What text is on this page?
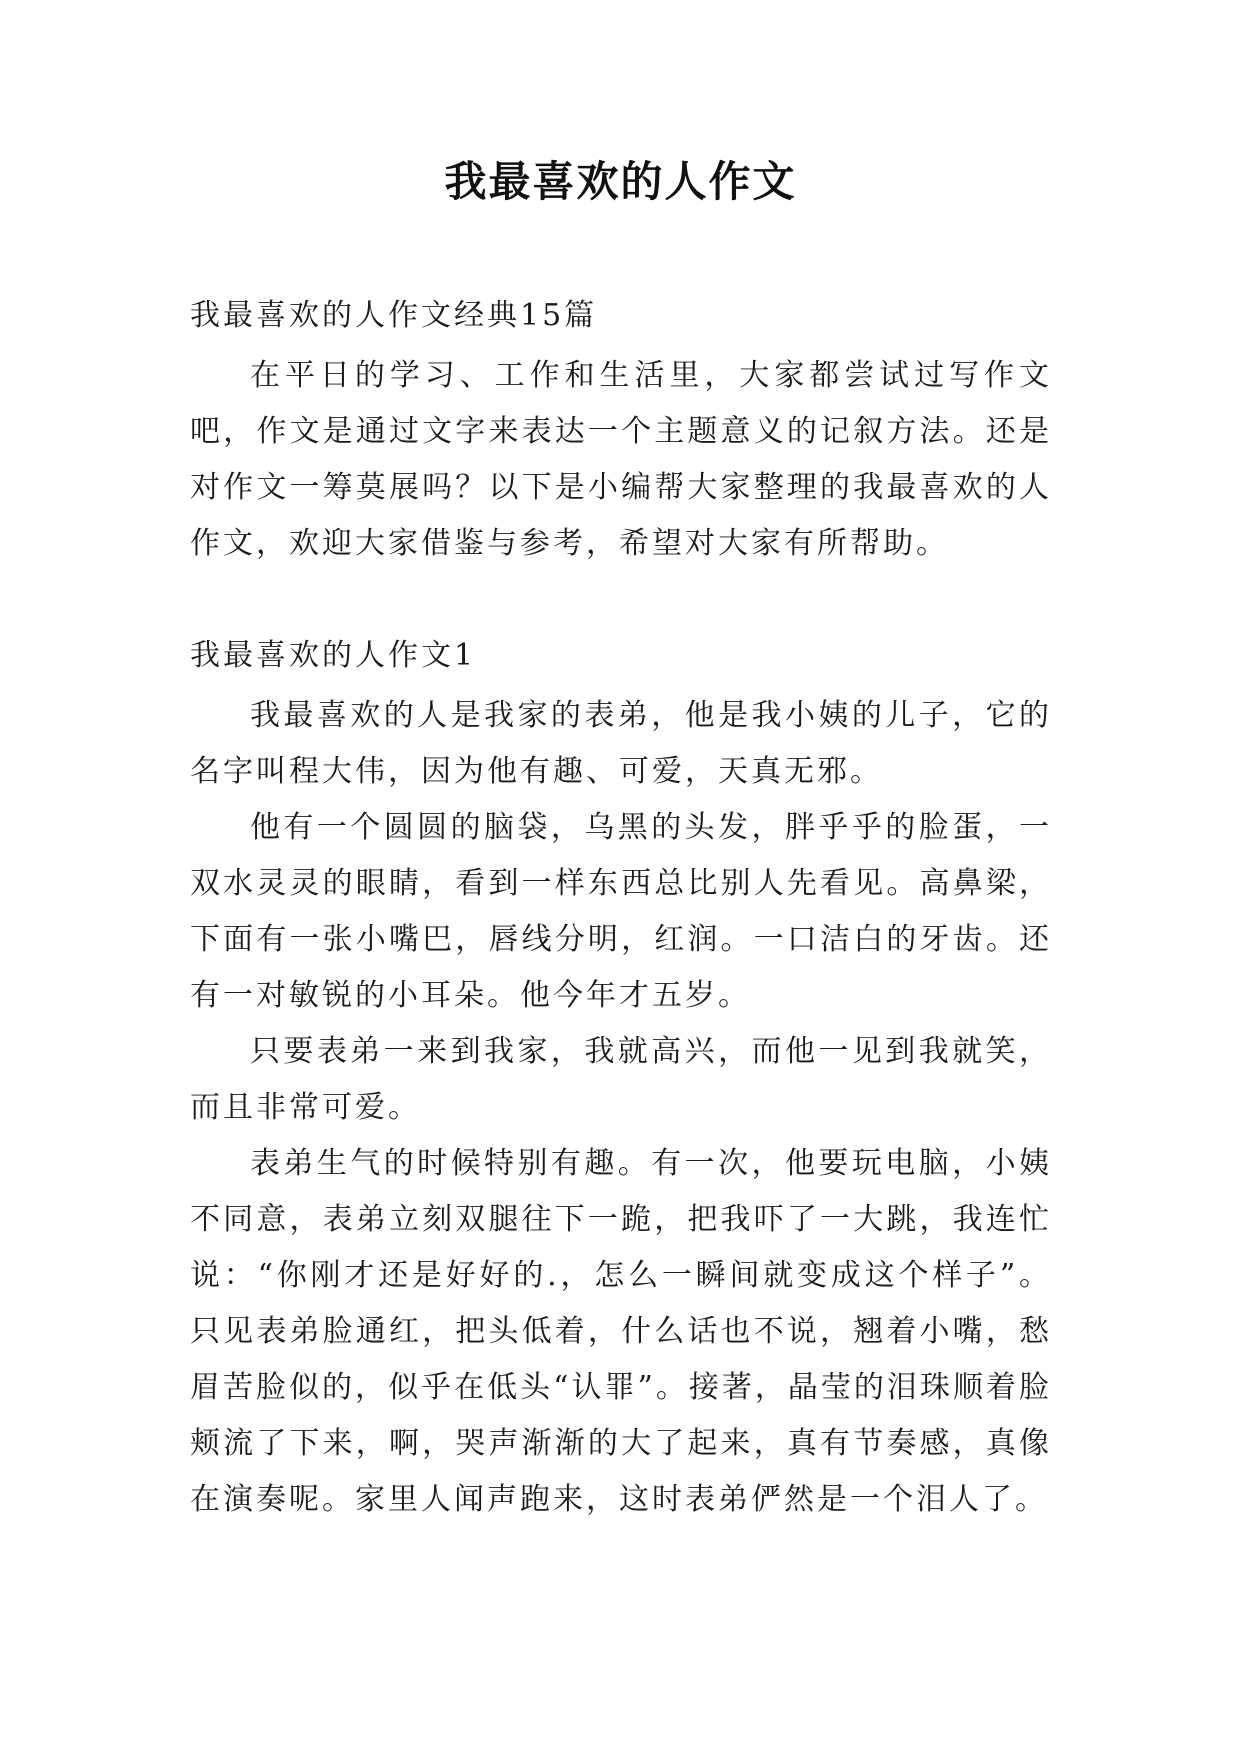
我最喜欢的人作文

我最喜欢的人作文经典15篇

在平日的学习、工作和生活里，大家都尝试过写作文吧，作文是通过文字来表达一个主题意义的记叙方法。还是对作文一筹莫展吗？以下是小编帮大家整理的我最喜欢的人作文，欢迎大家借鉴与参考，希望对大家有所帮助。

我最喜欢的人作文1

我最喜欢的人是我家的表弟，他是我小姨的儿子，它的名字叫程大伟，因为他有趣、可爱，天真无邪。

他有一个圆圆的脑袋，乌黑的头发，胖乎乎的脸蛋，一双水灵灵的眼睛，看到一样东西总比别人先看见。高鼻梁，下面有一张小嘴巴，唇线分明，红润。一口洁白的牙齿。还有一对敏锐的小耳朵。他今年才五岁。

只要表弟一来到我家，我就高兴，而他一见到我就笑，而且非常可爱。

表弟生气的时候特别有趣。有一次，他要玩电脑，小姨不同意，表弟立刻双腿往下一跪，把我吓了一大跳，我连忙说：“你刚才还是好好的.，怎么一瞬间就变成这个样子”。只见表弟脸通红，把头低着，什么话也不说，翘着小嘴，愁眉苦脸似的，似乎在低头“认罪”。接著，晶莹的泪珠顺着脸颊流了下来，啊，哭声渐渐的大了起来，真有节奏感，真像在演奏呢。家里人闻声跑来，这时表弟俨然是一个泪人了。
